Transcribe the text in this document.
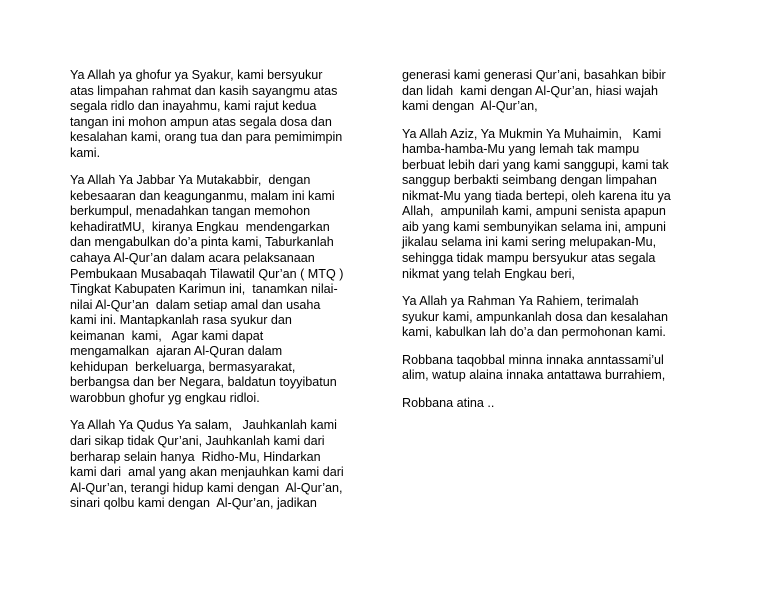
Ya Allah ya ghofur ya Syakur, kami bersyukur
atas limpahan rahmat dan kasih sayangmu atas
segala ridlo dan inayahmu, kami rajut kedua
tangan ini mohon ampun atas segala dosa dan
kesalahan kami, orang tua dan para pemimimpin
kami.
Ya Allah Ya Jabbar Ya Mutakabbir,  dengan
kebesaaran dan keagunganmu, malam ini kami
berkumpul, menadahkan tangan memohon
kehadiratMU,  kiranya Engkau  mendengarkan
dan mengabulkan do’a pinta kami, Taburkanlah
cahaya Al-Qur’an dalam acara pelaksanaan
Pembukaan Musabaqah Tilawatil Qur’an ( MTQ )
Tingkat Kabupaten Karimun ini,  tanamkan nilai-
nilai Al-Qur’an  dalam setiap amal dan usaha
kami ini. Mantapkanlah rasa syukur dan
keimanan  kami,   Agar kami dapat
mengamalkan  ajaran Al-Quran dalam
kehidupan  berkeluarga, bermasyarakat,
berbangsa dan ber Negara, baldatun toyyibatun
warobbun ghofur yg engkau ridloi.
Ya Allah Ya Qudus Ya salam,   Jauhkanlah kami
dari sikap tidak Qur’ani, Jauhkanlah kami dari
berharap selain hanya  Ridho-Mu, Hindarkan
kami dari  amal yang akan menjauhkan kami dari
Al-Qur’an, terangi hidup kami dengan  Al-Qur’an,
sinari qolbu kami dengan  Al-Qur’an, jadikan
generasi kami generasi Qur’ani, basahkan bibir
dan lidah  kami dengan Al-Qur’an, hiasi wajah
kami dengan  Al-Qur’an,
Ya Allah Aziz, Ya Mukmin Ya Muhaimin,   Kami
hamba-hamba-Mu yang lemah tak mampu
berbuat lebih dari yang kami sanggupi, kami tak
sanggup berbakti seimbang dengan limpahan
nikmat-Mu yang tiada bertepi, oleh karena itu ya
Allah,  ampunilah kami, ampuni senista apapun
aib yang kami sembunyikan selama ini, ampuni
jikalau selama ini kami sering melupakan-Mu,
sehingga tidak mampu bersyukur atas segala
nikmat yang telah Engkau beri,
Ya Allah ya Rahman Ya Rahiem, terimalah
syukur kami, ampunkanlah dosa dan kesalahan
kami, kabulkan lah do’a dan permohonan kami.
Robbana taqobbal minna innaka anntassami’ul
alim, watup alaina innaka antattawa burrahiem,
Robbana atina ..
